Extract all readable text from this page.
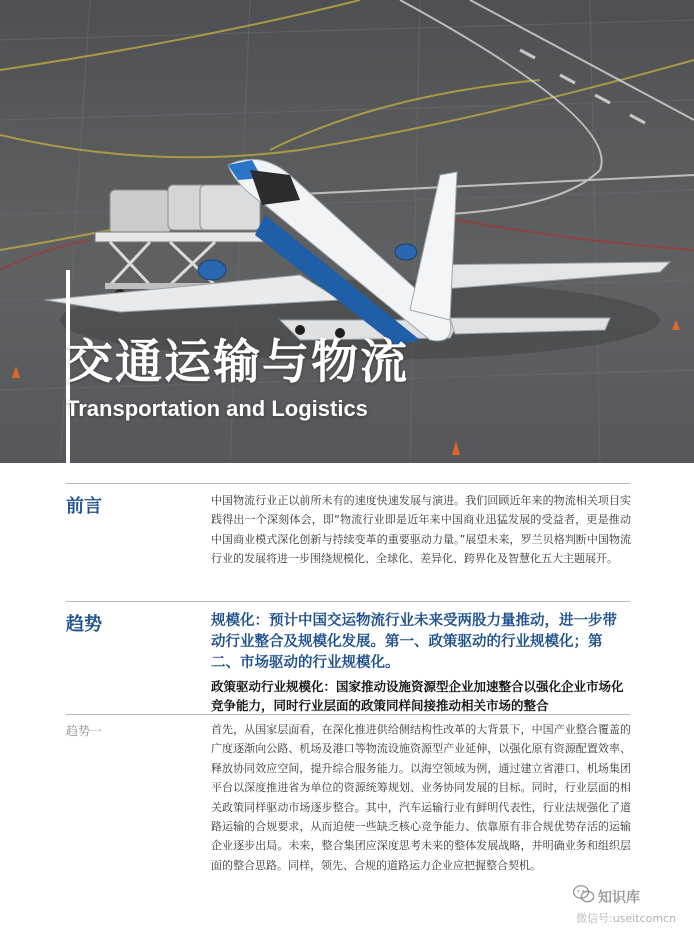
交通运输与物流
Transportation and Logistics
前言	中国物流行业正以前所未有的速度快速发展与演进。我们回顾近年来的物流相关项目实践得出一个深刻体会，即“物流行业即是近年来中国商业迅猛发展的受益者，更是推动中国商业模式深化创新与持续变革的重要驱动力量。”展望未来，罗兰贝格判断中国物流行业的发展将进一步围绕规模化、全球化、差异化、跨界化及智慧化五大主题展开。

趋势	规模化：预计中国交运物流行业未来受两股力量推动，进一步带动行业整合及规模化发展。第一、政策驱动的行业规模化；第二、市场驱动的行业规模化。

政策驱动行业规模化：国家推动设施资源型企业加速整合以强化企业市场化竞争能力，同时行业层面的政策同样间接推动相关市场的整合

趋势一	首先，从国家层面看，在深化推进供给侧结构性改革的大背景下，中国产业整合覆盖的广度逐渐向公路、机场及港口等物流设施资源型产业延伸，以强化原有资源配置效率、释放协同效应空间，提升综合服务能力。以海空领域为例，通过建立省港口、机场集团平台以深度推进省为单位的资源统筹规划、业务协同发展的目标。同时，行业层面的相关政策同样驱动市场逐步整合。其中，汽车运输行业有鲜明代表性，行业法规强化了道路运输的合规要求，从而迫使一些缺乏核心竞争能力、依靠原有非合规优势存活的运输企业逐步出局。未来，整合集团应深度思考未来的整体发展战略，并明确业务和组织层面的整合思路。同样，领先、合规的道路运力企业应把握整合契机。

知识库
微信号:useitcomcn
